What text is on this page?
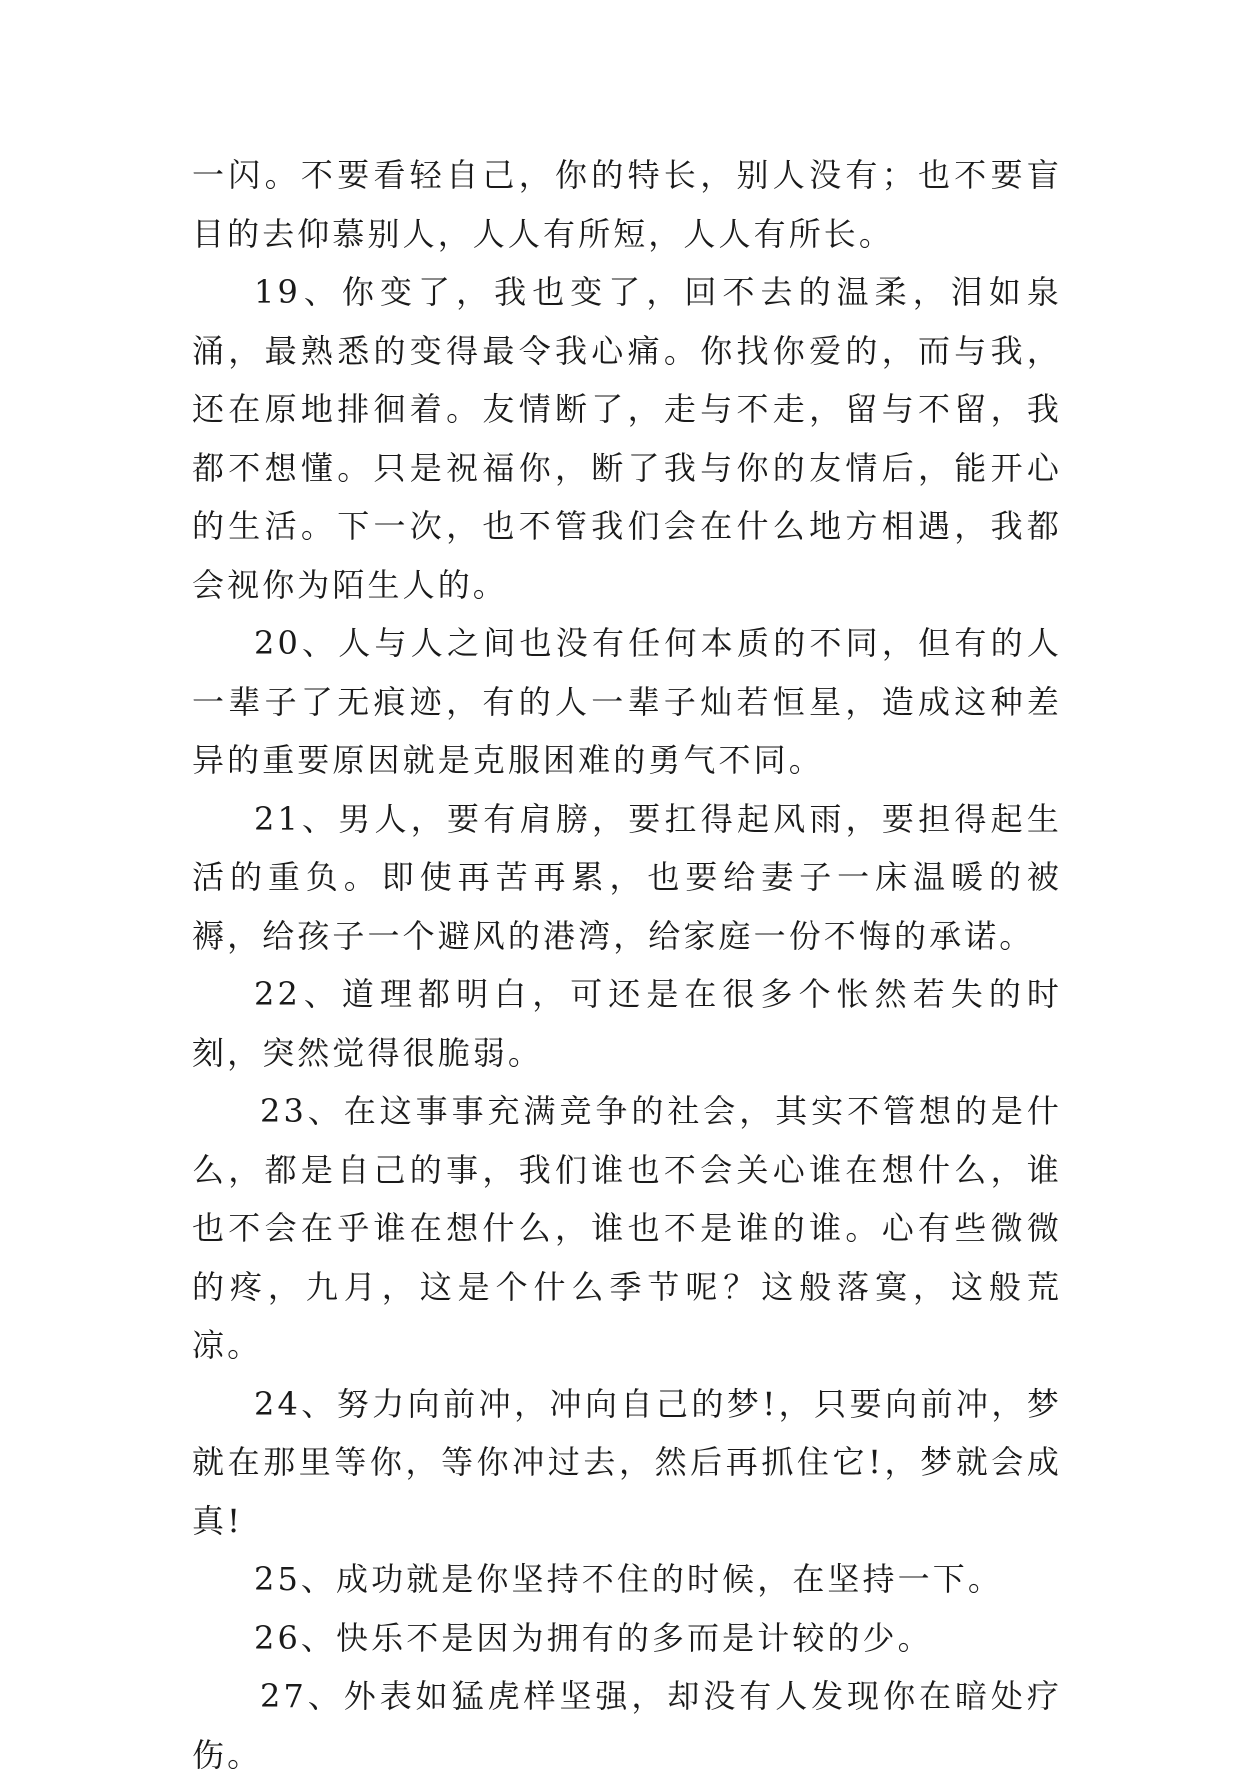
一闪。不要看轻自己，你的特长，别人没有；也不要盲目的去仰慕别人，人人有所短，人人有所长。

19、你变了，我也变了，回不去的温柔，泪如泉涌，最熟悉的变得最令我心痛。你找你爱的，而与我，还在原地排徊着。友情断了，走与不走，留与不留，我都不想懂。只是祝福你，断了我与你的友情后，能开心的生活。下一次，也不管我们会在什么地方相遇，我都会视你为陌生人的。

20、人与人之间也没有任何本质的不同，但有的人一辈子了无痕迹，有的人一辈子灿若恒星，造成这种差异的重要原因就是克服困难的勇气不同。

21、男人，要有肩膀，要扛得起风雨，要担得起生活的重负。即使再苦再累，也要给妻子一床温暖的被褥，给孩子一个避风的港湾，给家庭一份不悔的承诺。

22、道理都明白，可还是在很多个怅然若失的时刻，突然觉得很脆弱。

23、在这事事充满竞争的社会，其实不管想的是什么，都是自己的事，我们谁也不会关心谁在想什么，谁也不会在乎谁在想什么，谁也不是谁的谁。心有些微微的疼，九月，这是个什么季节呢？这般落寞，这般荒凉。

24、努力向前冲，冲向自己的梦!，只要向前冲，梦就在那里等你，等你冲过去，然后再抓住它!，梦就会成真!

25、成功就是你坚持不住的时候，在坚持一下。

26、快乐不是因为拥有的多而是计较的少。

27、外表如猛虎样坚强，却没有人发现你在暗处疗伤。
